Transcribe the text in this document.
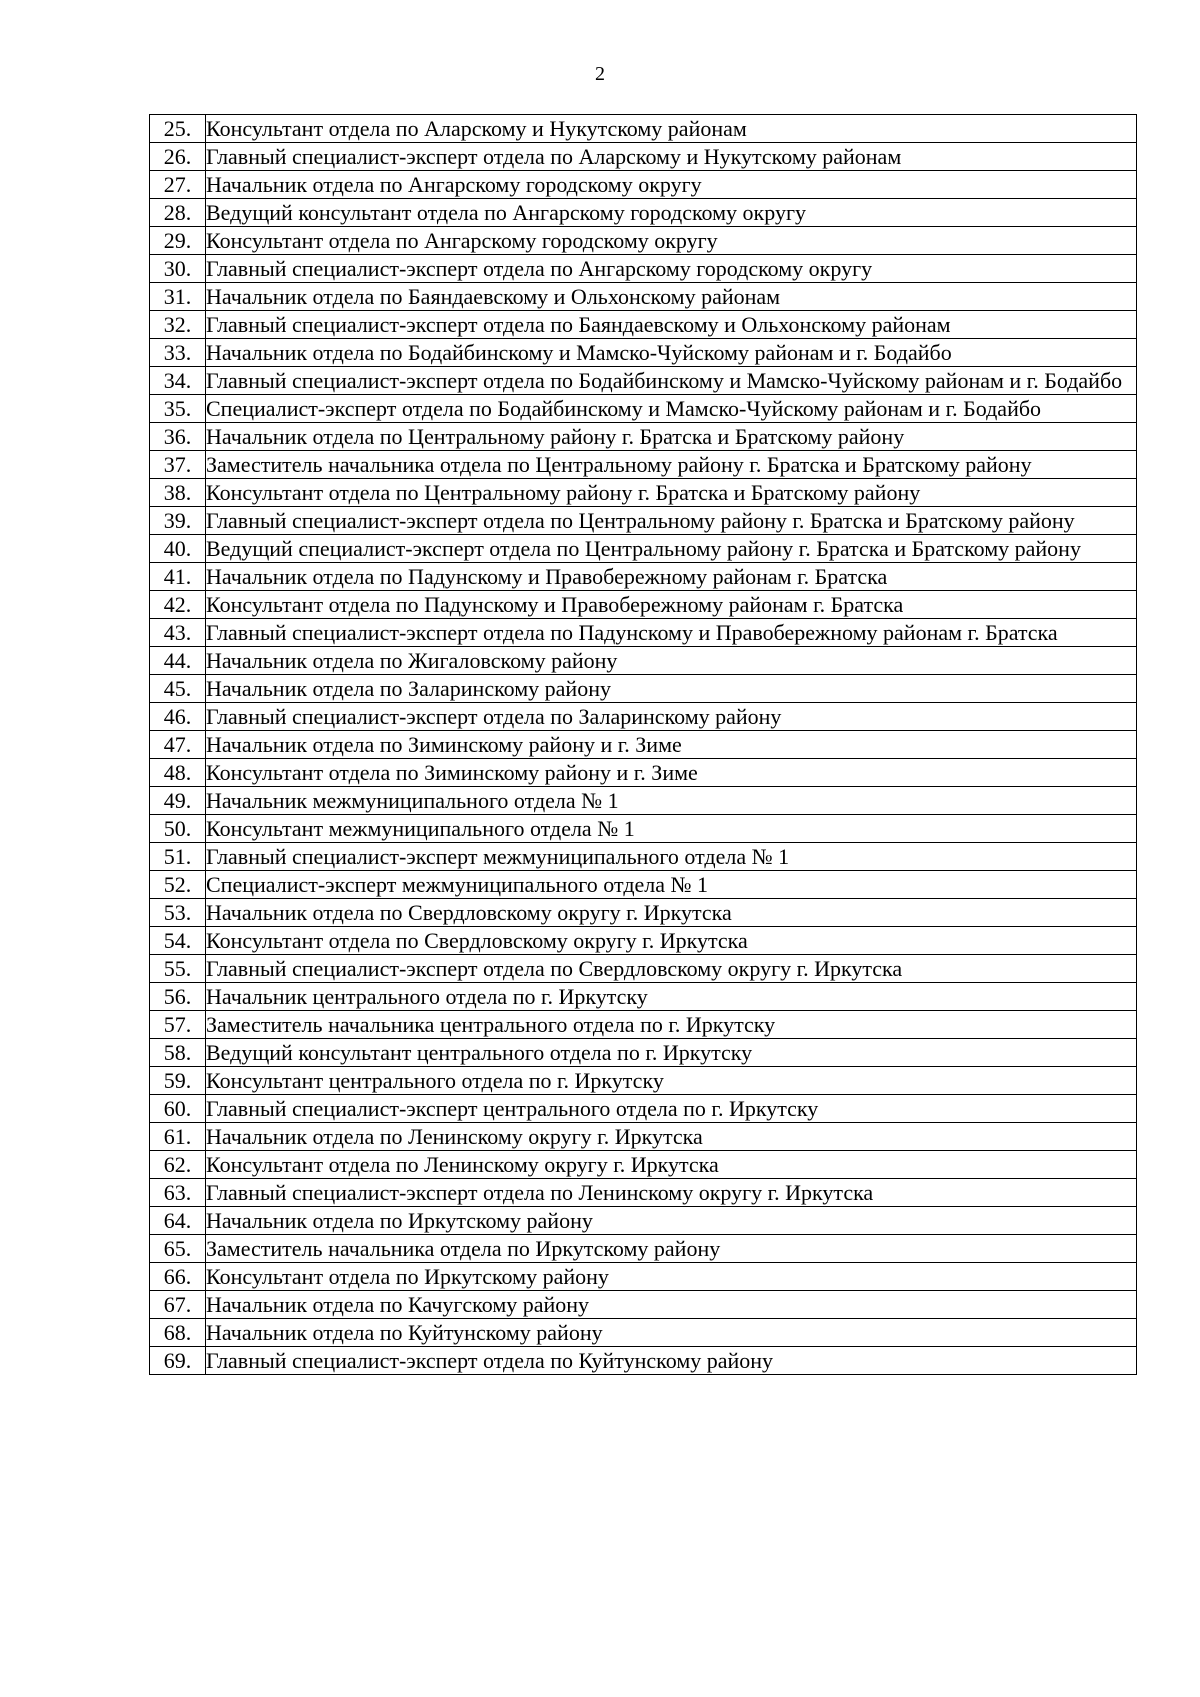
2
25.	Консультант отдела по Аларскому и Нукутскому районам
26.	Главный специалист-эксперт отдела по Аларскому и Нукутскому районам
27.	Начальник отдела по Ангарскому городскому округу
28.	Ведущий консультант отдела по Ангарскому городскому округу
29.	Консультант отдела по Ангарскому городскому округу
30.	Главный специалист-эксперт отдела по Ангарскому городскому округу
31.	Начальник отдела по Баяндаевскому и Ольхонскому районам
32.	Главный специалист-эксперт отдела по Баяндаевскому и Ольхонскому районам
33.	Начальник отдела по Бодайбинскому и Мамско-Чуйскому районам и г. Бодайбо
34.	Главный специалист-эксперт отдела по Бодайбинскому и Мамско-Чуйскому районам и г. Бодайбо
35.	Специалист-эксперт отдела по Бодайбинскому и Мамско-Чуйскому районам и г. Бодайбо
36.	Начальник отдела по Центральному району г. Братска и Братскому району
37.	Заместитель начальника отдела по Центральному району г. Братска и Братскому району
38.	Консультант отдела по Центральному району г. Братска и Братскому району
39.	Главный специалист-эксперт отдела по Центральному району г. Братска и Братскому району
40.	Ведущий специалист-эксперт отдела по Центральному району г. Братска и Братскому району
41.	Начальник отдела по Падунскому и Правобережному районам г. Братска
42.	Консультант отдела по Падунскому и Правобережному районам г. Братска
43.	Главный специалист-эксперт отдела по Падунскому и Правобережному районам г. Братска
44.	Начальник отдела по Жигаловскому району
45.	Начальник отдела по Заларинскому району
46.	Главный специалист-эксперт отдела по Заларинскому району
47.	Начальник отдела по Зиминскому району и г. Зиме
48.	Консультант отдела по Зиминскому району и г. Зиме
49.	Начальник межмуниципального отдела № 1
50.	Консультант межмуниципального отдела № 1
51.	Главный специалист-эксперт межмуниципального отдела № 1
52.	Специалист-эксперт межмуниципального отдела № 1
53.	Начальник отдела по Свердловскому округу г. Иркутска
54.	Консультант отдела по Свердловскому округу г. Иркутска
55.	Главный специалист-эксперт отдела по Свердловскому округу г. Иркутска
56.	Начальник центрального отдела по г. Иркутску
57.	Заместитель начальника центрального отдела по г. Иркутску
58.	Ведущий консультант центрального отдела по г. Иркутску
59.	Консультант центрального отдела по г. Иркутску
60.	Главный специалист-эксперт центрального отдела по г. Иркутску
61.	Начальник отдела по Ленинскому округу г. Иркутска
62.	Консультант отдела по Ленинскому округу г. Иркутска
63.	Главный специалист-эксперт отдела по Ленинскому округу г. Иркутска
64.	Начальник отдела по Иркутскому району
65.	Заместитель начальника отдела по Иркутскому району
66.	Консультант отдела по Иркутскому району
67.	Начальник отдела по Качугскому району
68.	Начальник отдела по Куйтунскому району
69.	Главный специалист-эксперт отдела по Куйтунскому району
